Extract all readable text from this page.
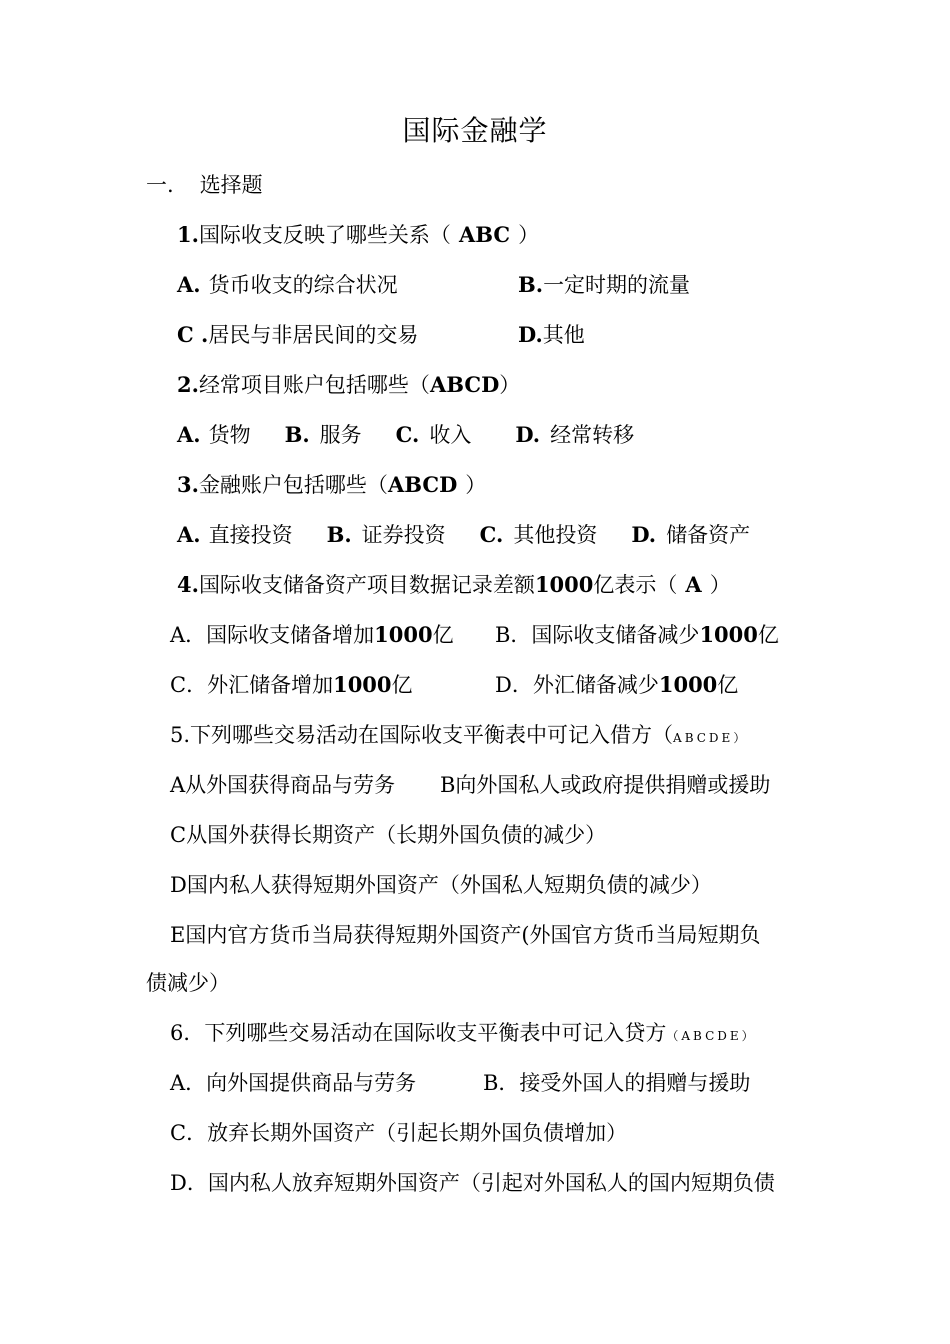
国际金融学
一. 选择题
1.国际收支反映了哪些关系（ ABC ）
A. 货币收支的综合状况	B.一定时期的流量
C .居民与非居民间的交易	D.其他
2.经常项目账户包括哪些（ABCD）
A. 货物 B. 服务 C. 收入 D. 经常转移
3.金融账户包括哪些（ABCD ）
A. 直接投资 B. 证券投资 C. 其他投资 D. 储备资产
4.国际收支储备资产项目数据记录差额1000亿表示（ A ）
A．国际收支储备增加1000亿 B．国际收支储备减少1000亿
C．外汇储备增加1000亿	D．外汇储备减少1000亿
5.下列哪些交易活动在国际收支平衡表中可记入借方（ABCDE）
A从外国获得商品与劳务 B向外国私人或政府提供捐赠或援助
C从国外获得长期资产（长期外国负债的减少）
D国内私人获得短期外国资产（外国私人短期负债的减少）
E国内官方货币当局获得短期外国资产(外国官方货币当局短期负
债减少）
6．下列哪些交易活动在国际收支平衡表中可记入贷方（ABCDE）
A．向外国提供商品与劳务	B．接受外国人的捐赠与援助
C．放弃长期外国资产（引起长期外国负债增加）
D．国内私人放弃短期外国资产（引起对外国私人的国内短期负债
